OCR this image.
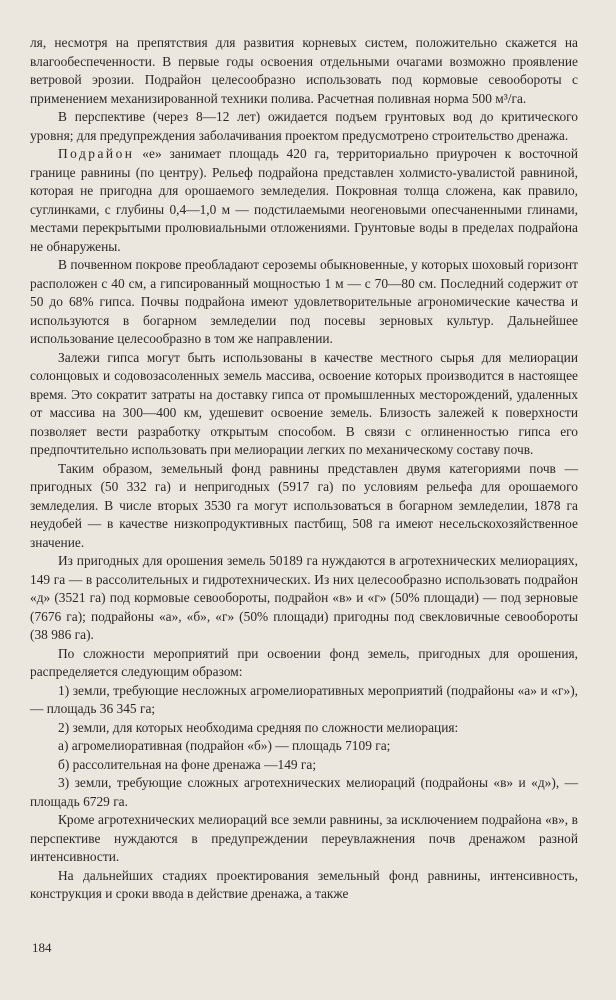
ля, несмотря на препятствия для развития корневых систем, положительно скажется на влагообеспеченности. В первые годы освоения отдельными очагами возможно проявление ветровой эрозии. Подрайон целесообразно использовать под кормовые севообороты с применением механизированной техники полива. Расчетная поливная норма 500 м³/га.

В перспективе (через 8—12 лет) ожидается подъем грунтовых вод до критического уровня; для предупреждения заболачивания проектом предусмотрено строительство дренажа.

Подрайон «е» занимает площадь 420 га, территориально приурочен к восточной границе равнины (по центру). Рельеф подрайона представлен холмисто-увалистой равниной, которая не пригодна для орошаемого земледелия. Покровная толща сложена, как правило, суглинками, с глубины 0,4—1,0 м — подстилаемыми неогеновыми опесчаненными глинами, местами перекрытыми пролювиальными отложениями. Грунтовые воды в пределах подрайона не обнаружены.

В почвенном покрове преобладают сероземы обыкновенные, у которых шоховый горизонт расположен с 40 см, а гипсированный мощностью 1 м — с 70—80 см. Последний содержит от 50 до 68% гипса. Почвы подрайона имеют удовлетворительные агрономические качества и используются в богарном земледелии под посевы зерновых культур. Дальнейшее использование целесообразно в том же направлении.

Залежи гипса могут быть использованы в качестве местного сырья для мелиорации солонцовых и содовозасоленных земель массива, освоение которых производится в настоящее время. Это сократит затраты на доставку гипса от промышленных месторождений, удаленных от массива на 300—400 км, удешевит освоение земель. Близость залежей к поверхности позволяет вести разработку открытым способом. В связи с оглиненностью гипса его предпочтительно использовать при мелиорации легких по механическому составу почв.

Таким образом, земельный фонд равнины представлен двумя категориями почв — пригодных (50 332 га) и непригодных (5917 га) по условиям рельефа для орошаемого земледелия. В числе вторых 3530 га могут использоваться в богарном земледелии, 1878 га неудобей — в качестве низкопродуктивных пастбищ, 508 га имеют несельскохозяйственное значение.

Из пригодных для орошения земель 50189 га нуждаются в агротехнических мелиорациях, 149 га — в рассолительных и гидротехнических. Из них целесообразно использовать подрайон «д» (3521 га) под кормовые севообороты, подрайон «в» и «г» (50% площади) — под зерновые (7676 га); подрайоны «а», «б», «г» (50% площади) пригодны под свекловичные севообороты (38 986 га).

По сложности мероприятий при освоении фонд земель, пригодных для орошения, распределяется следующим образом:

1) земли, требующие несложных агромелиоративных мероприятий (подрайоны «а» и «г»), — площадь 36 345 га;

2) земли, для которых необходима средняя по сложности мелиорация:

а) агромелиоративная (подрайон «б») — площадь 7109 га;

б) рассолительная на фоне дренажа —149 га;

3) земли, требующие сложных агротехнических мелиораций (подрайоны «в» и «д»), — площадь 6729 га.

Кроме агротехнических мелиораций все земли равнины, за исключением подрайона «в», в перспективе нуждаются в предупреждении переувлажнения почв дренажом разной интенсивности.

На дальнейших стадиях проектирования земельный фонд равнины, интенсивность, конструкция и сроки ввода в действие дренажа, а также

184
